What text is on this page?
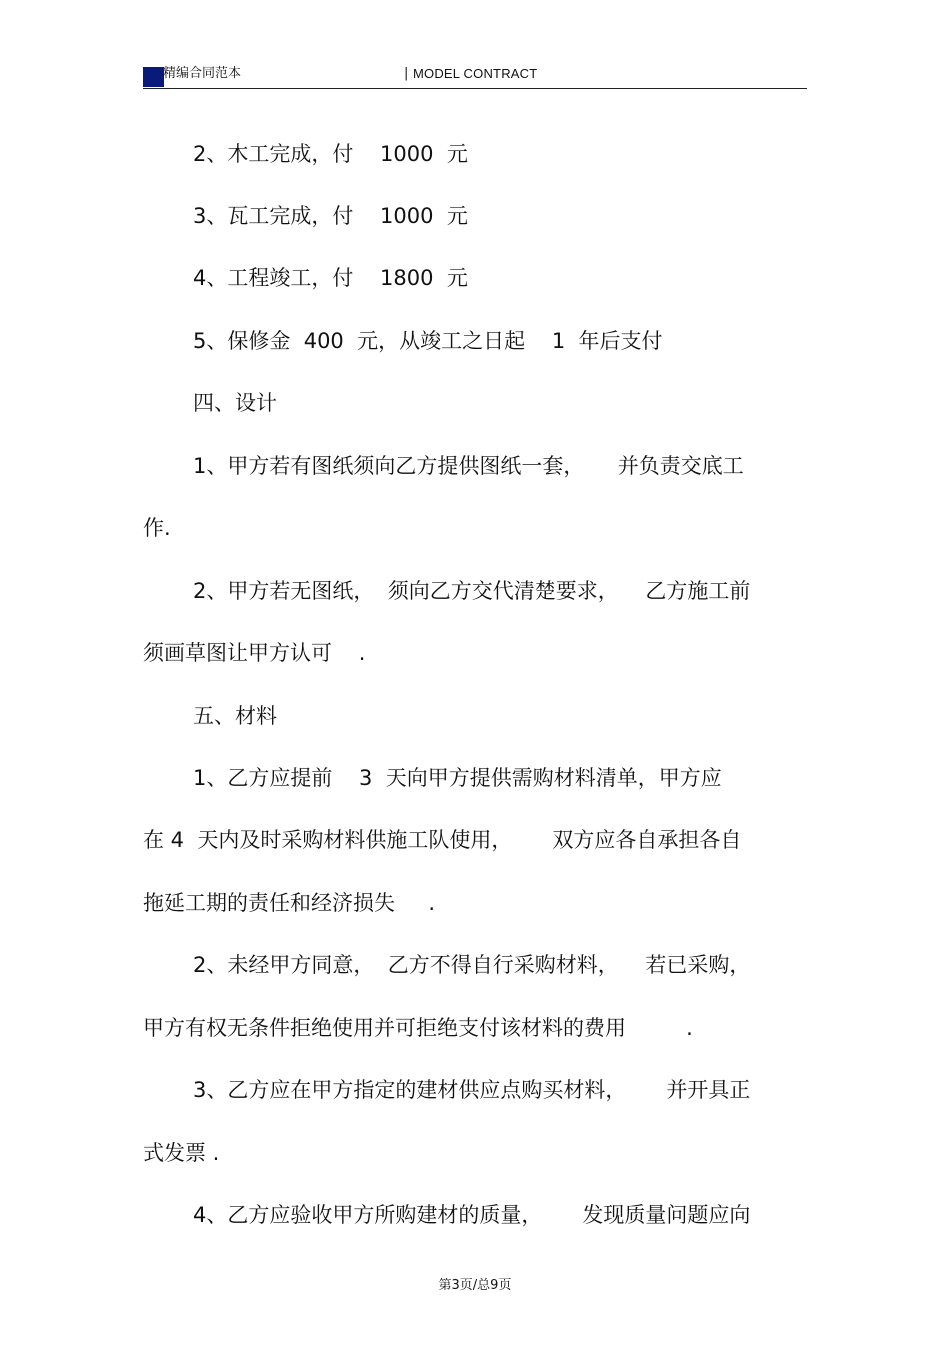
精编合同范本	| MODEL CONTRACT
2、木工完成，付    1000  元
3、瓦工完成，付    1000  元
4、工程竣工，付    1800  元
5、保修金  400  元，从竣工之日起    1  年后支付
四、设计
1、甲方若有图纸须向乙方提供图纸一套，     并负责交底工
作.
2、甲方若无图纸，  须向乙方交代清楚要求，    乙方施工前
须画草图让甲方认可    .
五、材料
1、乙方应提前    3  天向甲方提供需购材料清单，甲方应
在 4  天内及时采购材料供施工队使用，      双方应各自承担各自
拖延工期的责任和经济损失     .
2、未经甲方同意，  乙方不得自行采购材料，    若已采购，
甲方有权无条件拒绝使用并可拒绝支付该材料的费用         .
3、乙方应在甲方指定的建材供应点购买材料，      并开具正
式发票 .
4、乙方应验收甲方所购建材的质量，      发现质量问题应向
第3页/总9页
